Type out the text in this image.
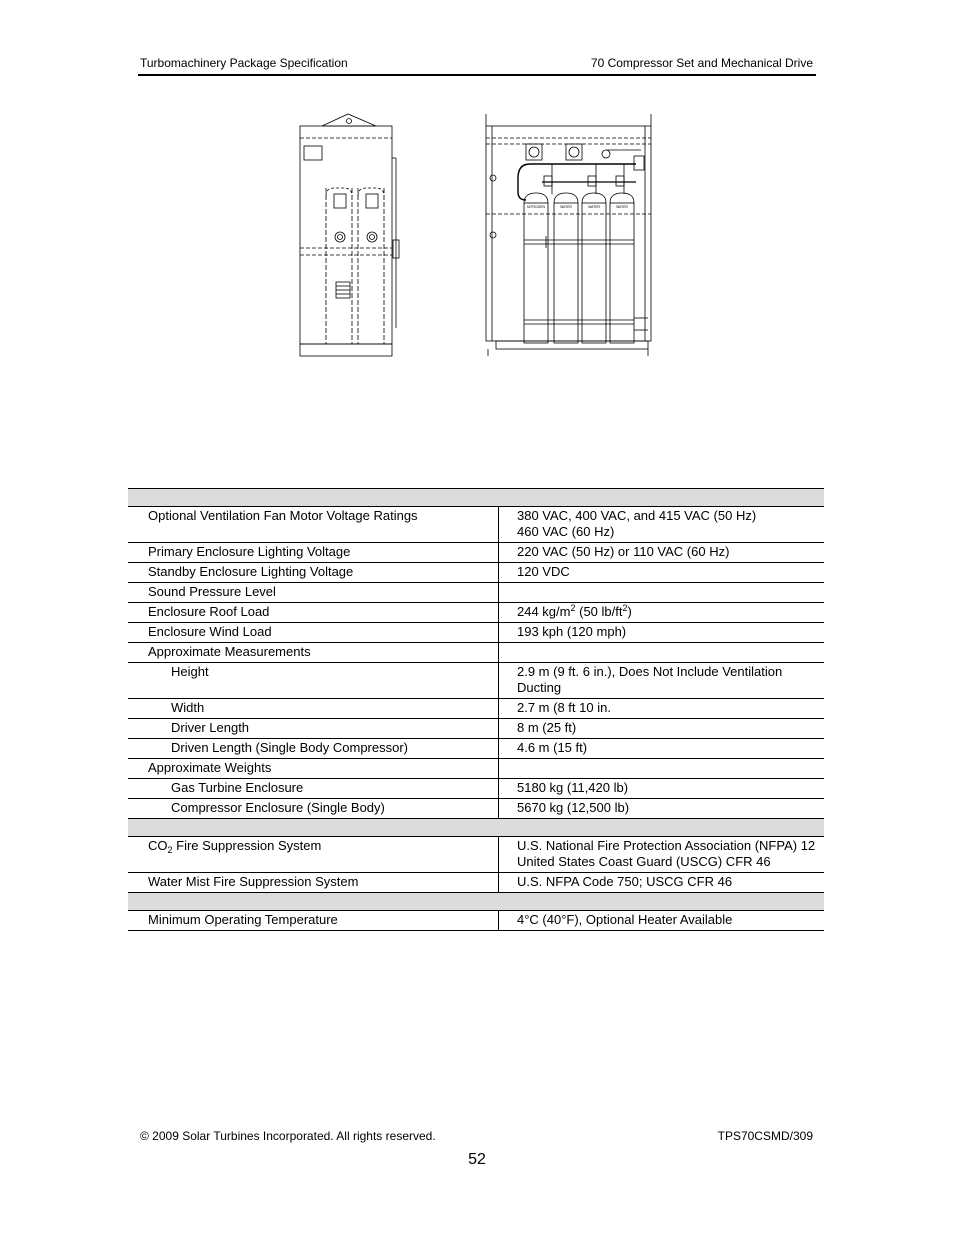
Turbomachinery Package Specification	70 Compressor Set and Mechanical Drive
NITROGEN	WATER	WATER	WATER

Optional Ventilation Fan Motor Voltage Ratings	380 VAC, 400 VAC, and 415 VAC (50 Hz)
460 VAC (60 Hz)
Primary Enclosure Lighting Voltage	220 VAC (50 Hz) or 110 VAC (60 Hz)
Standby Enclosure Lighting Voltage	120 VDC
Sound Pressure Level	
Enclosure Roof Load	244 $kg/m^2$ (50 $lb/ft^2$)
Enclosure Wind Load	193 kph (120 mph)
Approximate Measurements	
Height	2.9 m (9 ft. 6 in.), Does Not Include Ventilation Ducting
Width	2.7 m (8 ft 10 in.
Driver Length	8 m (25 ft)
Driven Length (Single Body Compressor)	4.6 m (15 ft)
Approximate Weights	
Gas Turbine Enclosure	5180 kg (11,420 lb)
Compressor Enclosure (Single Body)	5670 kg (12,500 lb)

$CO_2$ Fire Suppression System	U.S. National Fire Protection Association (NFPA) 12
United States Coast Guard (USCG) CFR 46
Water Mist Fire Suppression System	U.S. NFPA Code 750; USCG CFR 46

Minimum Operating Temperature	4°C (40°F), Optional Heater Available
© 2009 Solar Turbines Incorporated. All rights reserved.	TPS70CSMD/309
52
